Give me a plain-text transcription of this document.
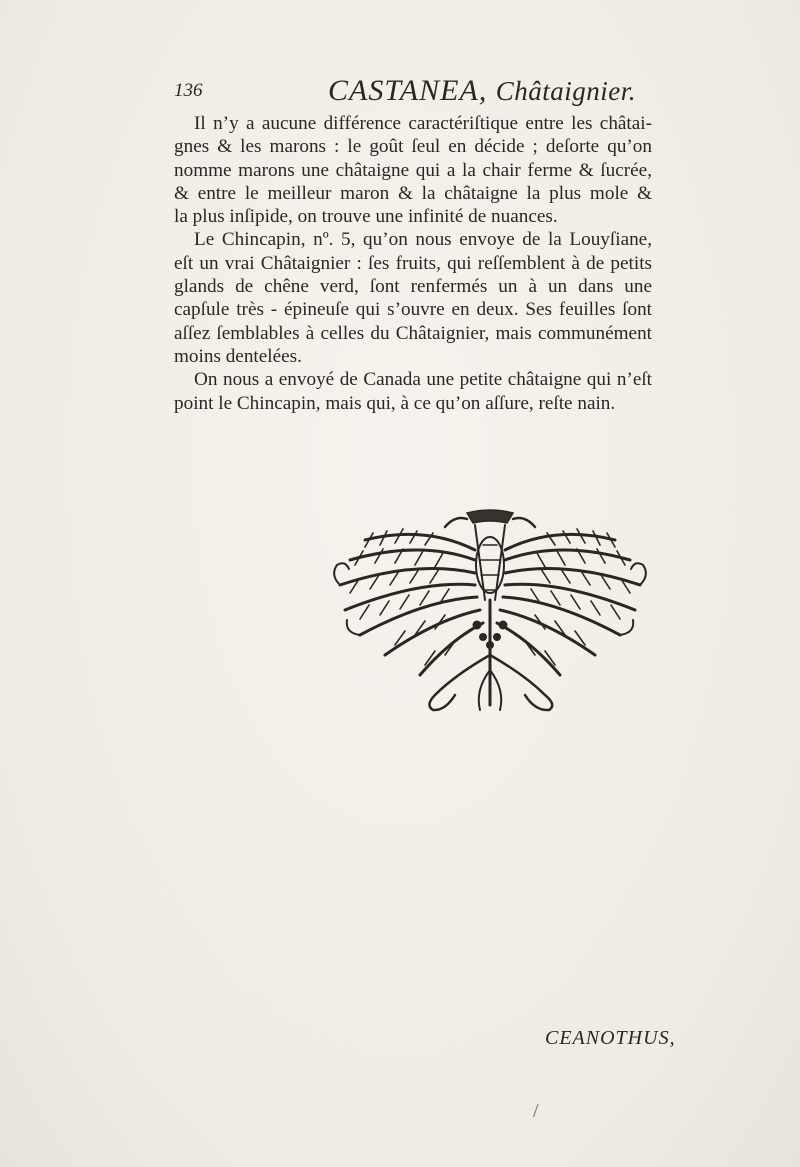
136	CASTANEA, Châtaignier.
Il n’y a aucune différence caractériſtique entre les châtai-
gnes & les marons : le goût ſeul en décide ; deſorte qu’on
nomme marons une châtaigne qui a la chair ferme & ſucrée,
& entre le meilleur maron & la châtaigne la plus mole &
la plus inſipide, on trouve une infinité de nuances.
Le Chincapin, nº. 5, qu’on nous envoye de la Louyſiane,
eſt un vrai Châtaignier : ſes fruits, qui reſſemblent à de petits
glands de chêne verd, ſont renfermés un à un dans une
capſule très - épineuſe qui s’ouvre en deux. Ses feuilles ſont
aſſez ſemblables à celles du Châtaignier, mais communément
moins dentelées.
On nous a envoyé de Canada une petite châtaigne qui n’eſt
point le Chincapin, mais qui, à ce qu’on aſſure, reſte nain.
CEANOTHUS,
/
